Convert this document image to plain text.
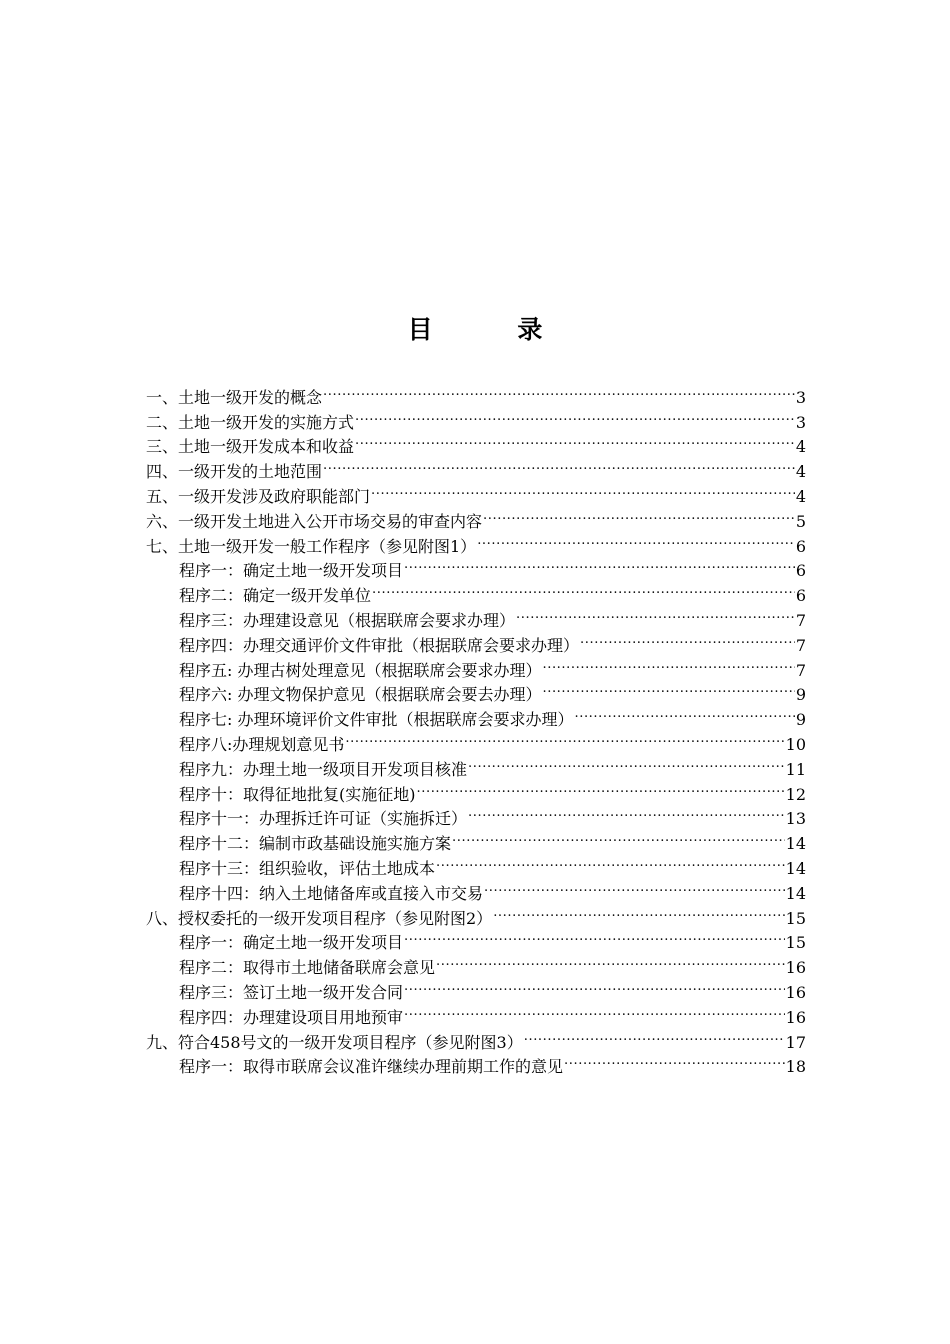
目 录
一、土地一级开发的概念 .....	3
二、土地一级开发的实施方式 .....	3
三、土地一级开发成本和收益 .....	4
四、一级开发的土地范围 .....	4
五、一级开发涉及政府职能部门 .....	4
六、一级开发土地进入公开市场交易的审查内容 .....	5
七、土地一级开发一般工作程序（参见附图1） .....	6
程序一：确定土地一级开发项目 .....	6
程序二：确定一级开发单位 .....	6
程序三：办理建设意见（根据联席会要求办理） .....	7
程序四：办理交通评价文件审批（根据联席会要求办理） .....	7
程序五: 办理古树处理意见（根据联席会要求办理） .....	7
程序六: 办理文物保护意见（根据联席会要去办理） .....	9
程序七: 办理环境评价文件审批（根据联席会要求办理） .....	9
程序八:办理规划意见书 .....	10
程序九：办理土地一级项目开发项目核准 .....	11
程序十：取得征地批复(实施征地) .....	12
程序十一：办理拆迁许可证（实施拆迁） .....	13
程序十二：编制市政基础设施实施方案 .....	14
程序十三：组织验收，评估土地成本 .....	14
程序十四：纳入土地储备库或直接入市交易 .....	14
八、授权委托的一级开发项目程序（参见附图2） .....	15
程序一：确定土地一级开发项目 .....	15
程序二：取得市土地储备联席会意见 .....	16
程序三：签订土地一级开发合同 .....	16
程序四：办理建设项目用地预审 .....	16
九、符合458号文的一级开发项目程序（参见附图3） .....	17
程序一：取得市联席会议准许继续办理前期工作的意见 .....	18
